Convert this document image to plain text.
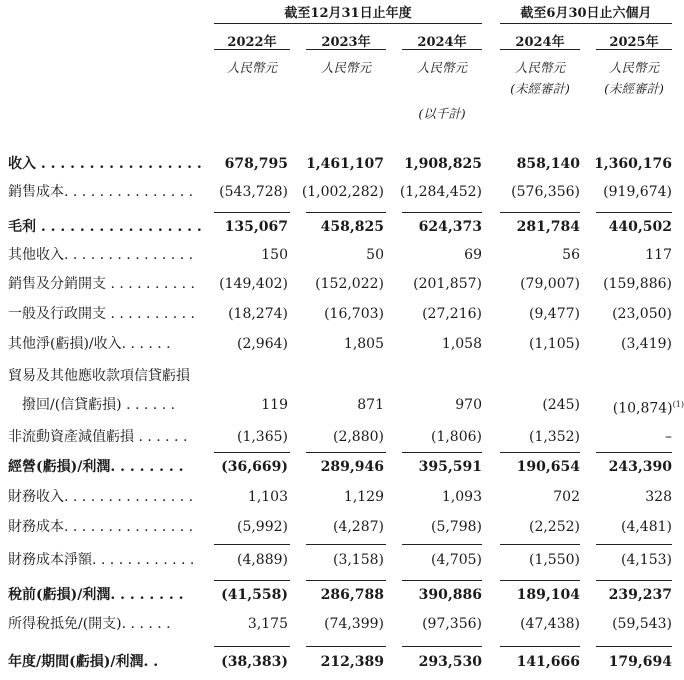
截至12月31日止年度	截至6月30日止六個月
2022年	2023年	2024年	2024年	2025年
人民幣元	人民幣元	人民幣元	人民幣元	人民幣元
(未經審計)	(未經審計)
(以千計)
收入 . . . . . . . . . . . . . . . . .	678,795	1,461,107	1,908,825	858,140	1,360,176
銷售成本. . . . . . . . . . . . . . .	(543,728) (1,002,282)	(1,284,452)	(576,356)	(919,674)
毛利 . . . . . . . . . . . . . . . . .	135,067	458,825	624,373	281,784	440,502
其他收入. . . . . . . . . . . . . . .	150	50	69	56	117
銷售及分銷開支 . . . . . . . . . .	(149,402)	(152,022)	(201,857)	(79,007)	(159,886)
一般及行政開支 . . . . . . . . . .	(18,274)	(16,703)	(27,216)	(9,477)	(23,050)
其他淨(虧損)/收入. . . . . .	(2,964)	1,805	1,058	(1,105)	(3,419)
貿易及其他應收款項信貸虧損
　撥回/(信貸虧損) . . . . . .	119	871	970	(245)	$(10,874)^{(1)}$
非流動資產減值虧損 . . . . . .	(1,365)	(2,880)	(1,806)	(1,352)	–
經營(虧損)/利潤. . . . . . . .	(36,669)	289,946	395,591	190,654	243,390
財務收入. . . . . . . . . . . . . . .	1,103	1,129	1,093	702	328
財務成本. . . . . . . . . . . . . . .	(5,992)	(4,287)	(5,798)	(2,252)	(4,481)
財務成本淨額. . . . . . . . . . . .	(4,889)	(3,158)	(4,705)	(1,550)	(4,153)
稅前(虧損)/利潤. . . . . . . .	(41,558)	286,788	390,886	189,104	239,237
所得稅抵免/(開支). . . . . .	3,175	(74,399)	(97,356)	(47,438)	(59,543)
年度/期間(虧損)/利潤. .	(38,383)	212,389	293,530	141,666	179,694
